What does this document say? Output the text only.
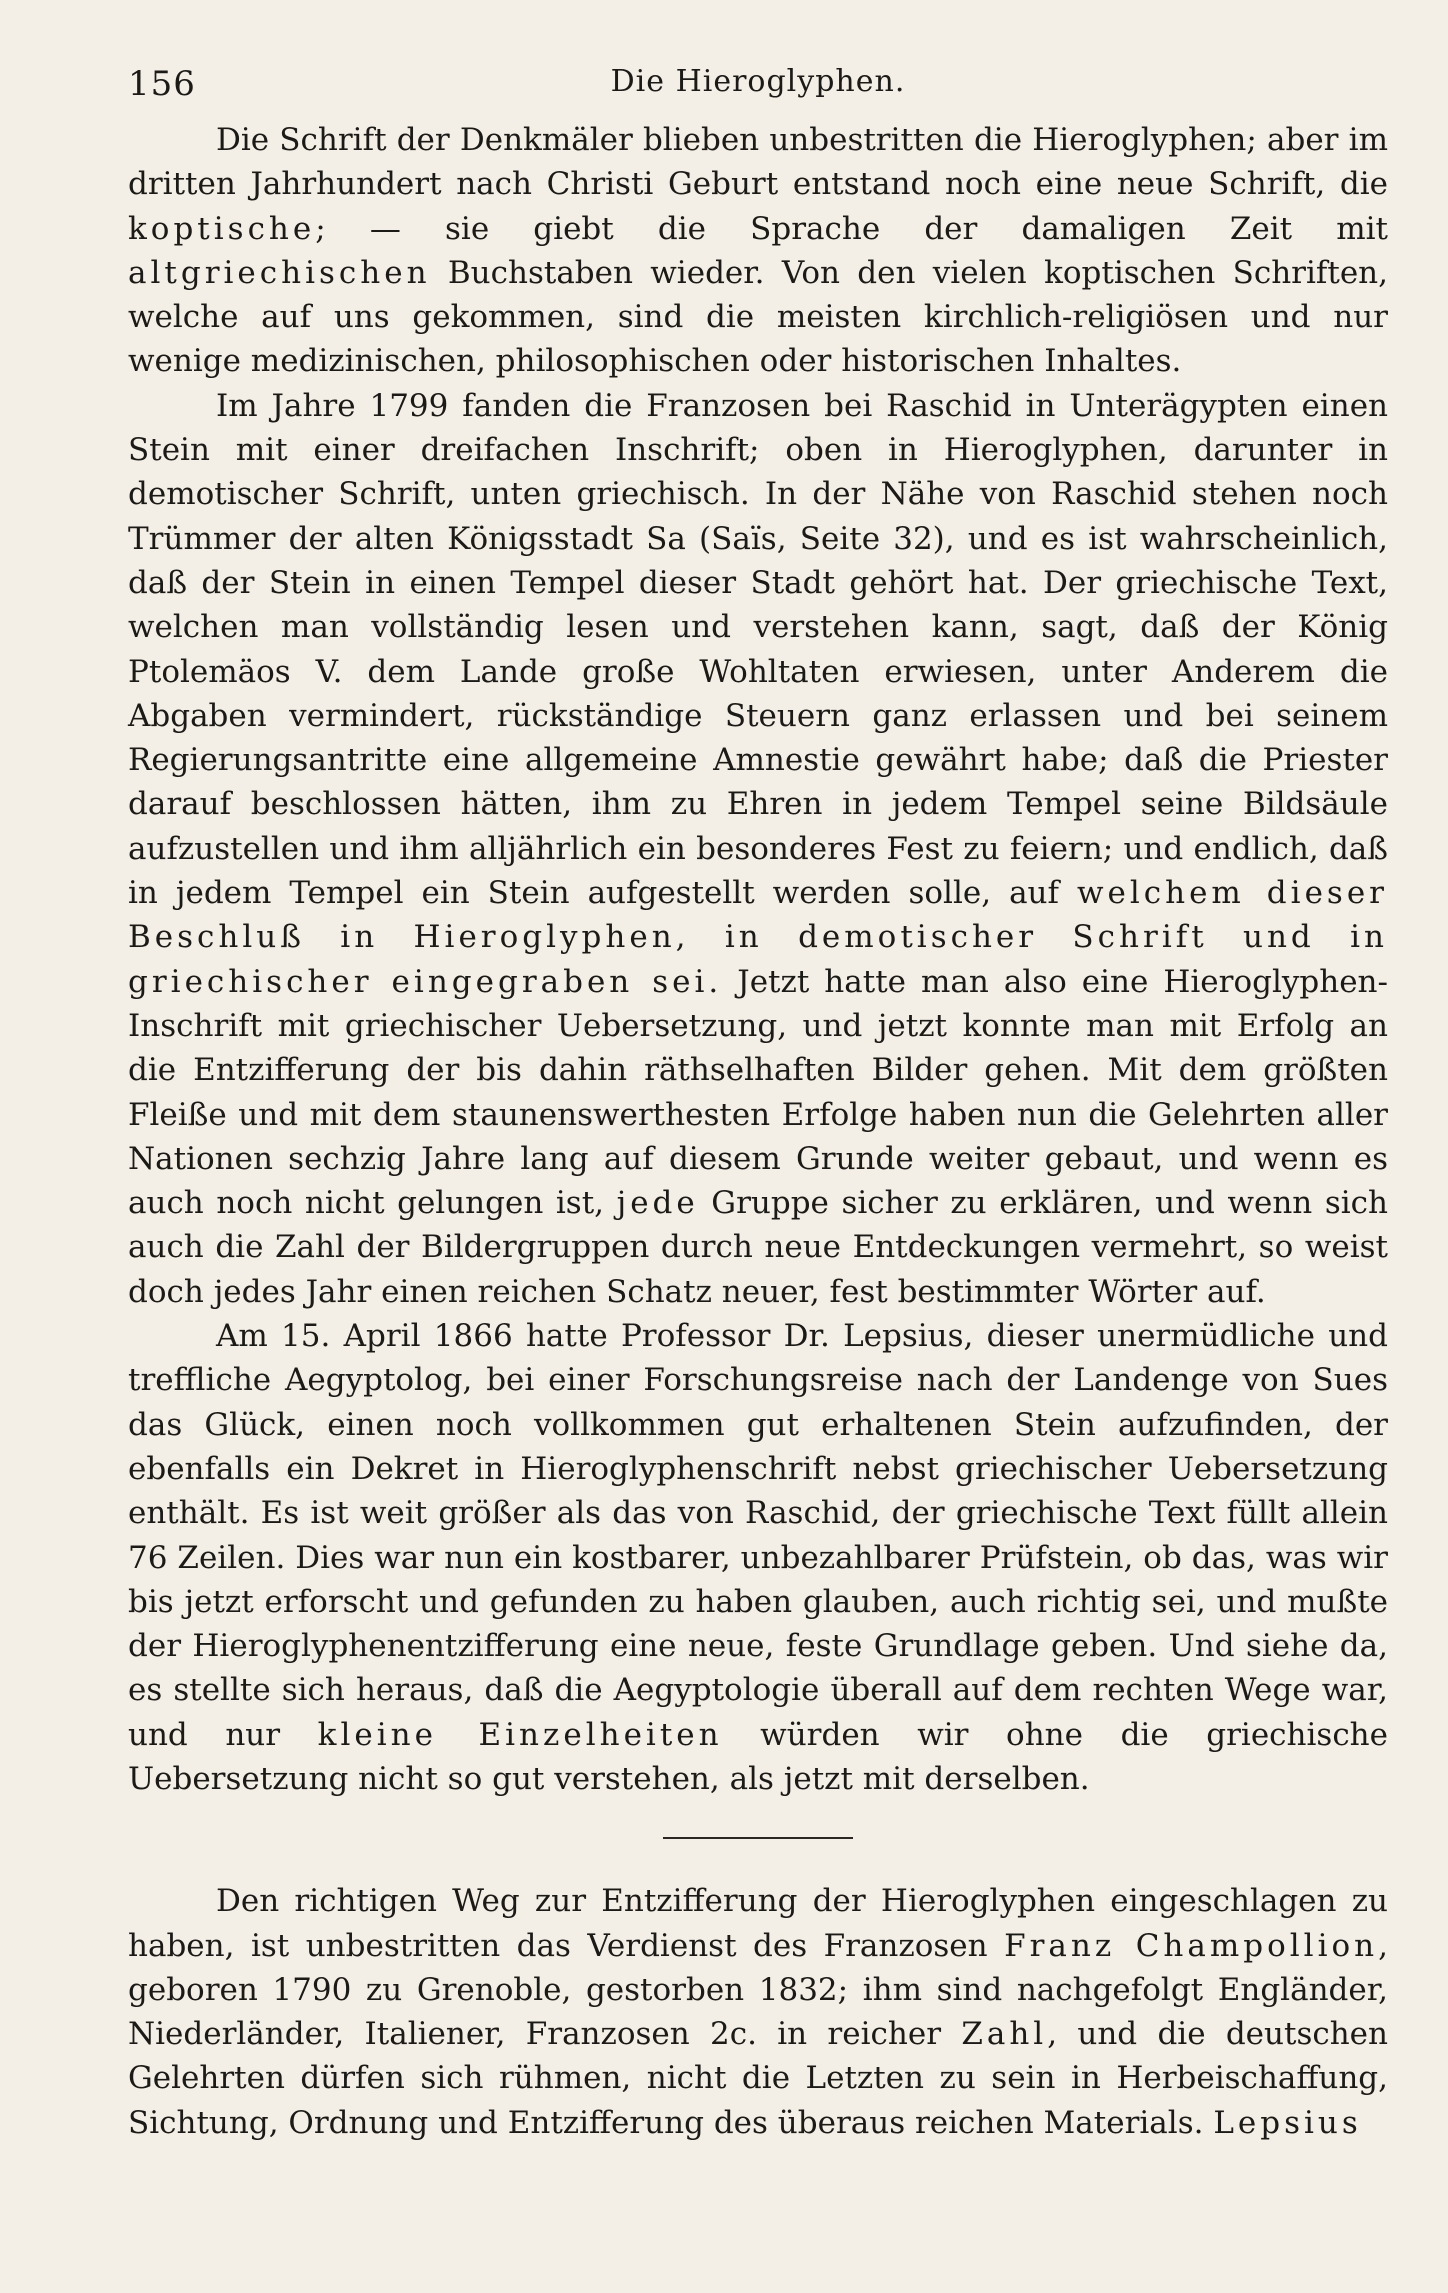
156	Die Hieroglyphen.

Die Schrift der Denkmäler blieben unbestritten die Hieroglyphen; aber im dritten Jahrhundert nach Christi Geburt entstand noch eine neue Schrift, die koptische; — sie giebt die Sprache der damaligen Zeit mit altgriechischen Buchstaben wieder. Von den vielen koptischen Schriften, welche auf uns gekommen, sind die meisten kirchlich-religiösen und nur wenige medizinischen, philosophischen oder historischen Inhaltes.

Im Jahre 1799 fanden die Franzosen bei Raschid in Unterägypten einen Stein mit einer dreifachen Inschrift; oben in Hieroglyphen, darunter in demotischer Schrift, unten griechisch. In der Nähe von Raschid stehen noch Trümmer der alten Königsstadt Sa (Saïs, Seite 32), und es ist wahrscheinlich, daß der Stein in einen Tempel dieser Stadt gehört hat. Der griechische Text, welchen man vollständig lesen und verstehen kann, sagt, daß der König Ptolemäos V. dem Lande große Wohltaten erwiesen, unter Anderem die Abgaben vermindert, rückständige Steuern ganz erlassen und bei seinem Regierungsantritte eine allgemeine Amnestie gewährt habe; daß die Priester darauf beschlossen hätten, ihm zu Ehren in jedem Tempel seine Bildsäule aufzustellen und ihm alljährlich ein besonderes Fest zu feiern; und endlich, daß in jedem Tempel ein Stein aufgestellt werden solle, auf welchem dieser Beschluß in Hieroglyphen, in demotischer Schrift und in griechischer eingegraben sei. Jetzt hatte man also eine Hieroglyphen-Inschrift mit griechischer Uebersetzung, und jetzt konnte man mit Erfolg an die Entzifferung der bis dahin räthselhaften Bilder gehen. Mit dem größten Fleiße und mit dem staunenswerthesten Erfolge haben nun die Gelehrten aller Nationen sechzig Jahre lang auf diesem Grunde weiter gebaut, und wenn es auch noch nicht gelungen ist, jede Gruppe sicher zu erklären, und wenn sich auch die Zahl der Bildergruppen durch neue Entdeckungen vermehrt, so weist doch jedes Jahr einen reichen Schatz neuer, fest bestimmter Wörter auf.

Am 15. April 1866 hatte Professor Dr. Lepsius, dieser unermüdliche und treffliche Aegyptolog, bei einer Forschungsreise nach der Landenge von Sues das Glück, einen noch vollkommen gut erhaltenen Stein aufzufinden, der ebenfalls ein Dekret in Hieroglyphenschrift nebst griechischer Uebersetzung enthält. Es ist weit größer als das von Raschid, der griechische Text füllt allein 76 Zeilen. Dies war nun ein kostbarer, unbezahlbarer Prüfstein, ob das, was wir bis jetzt erforscht und gefunden zu haben glauben, auch richtig sei, und mußte der Hieroglyphenentzifferung eine neue, feste Grundlage geben. Und siehe da, es stellte sich heraus, daß die Aegyptologie überall auf dem rechten Wege war, und nur kleine Einzelheiten würden wir ohne die griechische Uebersetzung nicht so gut verstehen, als jetzt mit derselben.

Den richtigen Weg zur Entzifferung der Hieroglyphen eingeschlagen zu haben, ist unbestritten das Verdienst des Franzosen Franz Champollion, geboren 1790 zu Grenoble, gestorben 1832; ihm sind nachgefolgt Engländer, Niederländer, Italiener, Franzosen 2c. in reicher Zahl, und die deutschen Gelehrten dürfen sich rühmen, nicht die Letzten zu sein in Herbeischaffung, Sichtung, Ordnung und Entzifferung des überaus reichen Materials. Lepsius
